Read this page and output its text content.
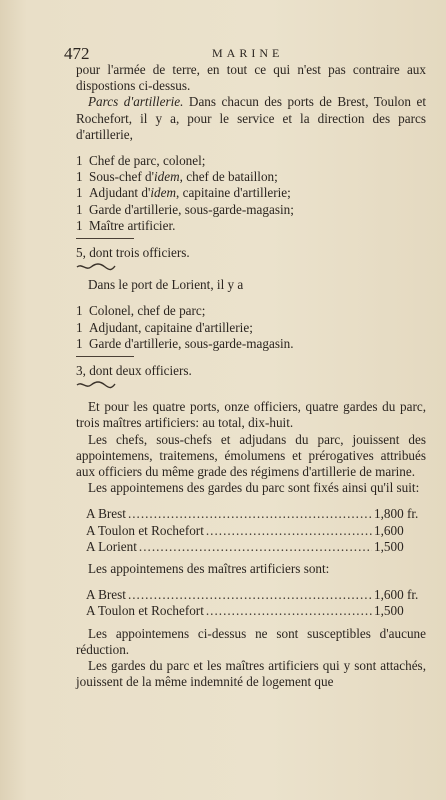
472	MARINE

pour l'armée de terre, en tout ce qui n'est pas contraire aux dispostions ci-dessus.

Parcs d'artillerie. Dans chacun des ports de Brest, Toulon et Rochefort, il y a, pour le service et la direction des parcs d'artillerie,

1 Chef de parc, colonel;
1 Sous-chef d'idem, chef de bataillon;
1 Adjudant d'idem, capitaine d'artillerie;
1 Garde d'artillerie, sous-garde-magasin;
1 Maître artificier.

5, dont trois officiers.

Dans le port de Lorient, il y a

1 Colonel, chef de parc;
1 Adjudant, capitaine d'artillerie;
1 Garde d'artillerie, sous-garde-magasin.

3, dont deux officiers.

Et pour les quatre ports, onze officiers, quatre gardes du parc, trois maîtres artificiers: au total, dix-huit.

Les chefs, sous-chefs et adjudans du parc, jouissent des appointemens, traitemens, émolumens et prérogatives attribués aux officiers du même grade des régimens d'artillerie de marine.

Les appointemens des gardes du parc sont fixés ainsi qu'il suit:

A Brest .....	1,800 fr.
A Toulon et Rochefort .....	1,600
A Lorient .....	1,500

Les appointemens des maîtres artificiers sont:

A Brest .....	1,600 fr.
A Toulon et Rochefort .....	1,500

Les appointemens ci-dessus ne sont susceptibles d'aucune réduction.

Les gardes du parc et les maîtres artificiers qui y sont attachés, jouissent de la même indemnité de logement que
